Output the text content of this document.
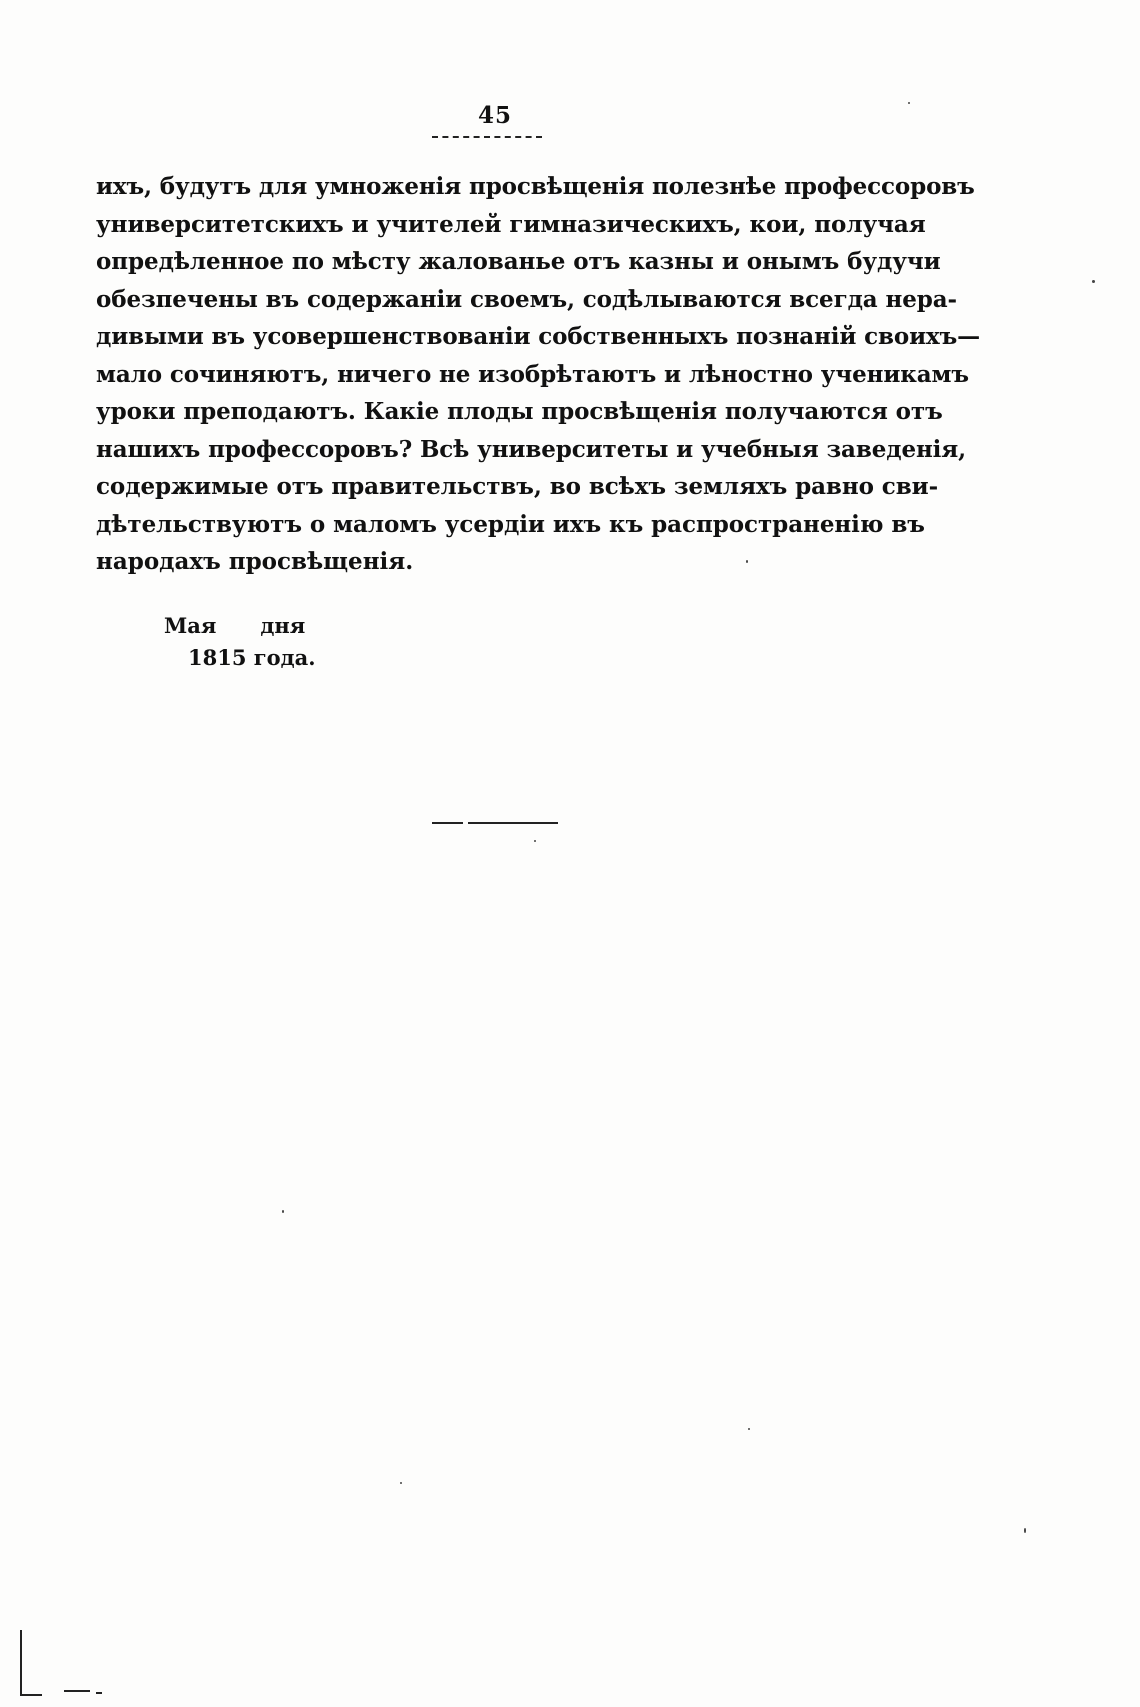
45
ихъ, будутъ для умноженія просвѣщенія полезнѣе профессоровъ
университетскихъ и учителей гимназическихъ, кои, получая
опредѣленное по мѣсту жалованье отъ казны и онымъ будучи
обезпечены въ содержаніи своемъ, содѣлываются всегда нера-
дивыми въ усовершенствованіи собственныхъ познаній своихъ—
мало сочиняютъ, ничего не изобрѣтаютъ и лѣностно ученикамъ
уроки преподаютъ. Какіе плоды просвѣщенія получаются отъ
нашихъ профессоровъ? Всѣ университеты и учебныя заведенія,
содержимые отъ правительствъ, во всѣхъ земляхъ равно сви-
дѣтельствуютъ о маломъ усердіи ихъ къ распространенію въ
народахъ просвѣщенія.
Мая дня
1815 года.
